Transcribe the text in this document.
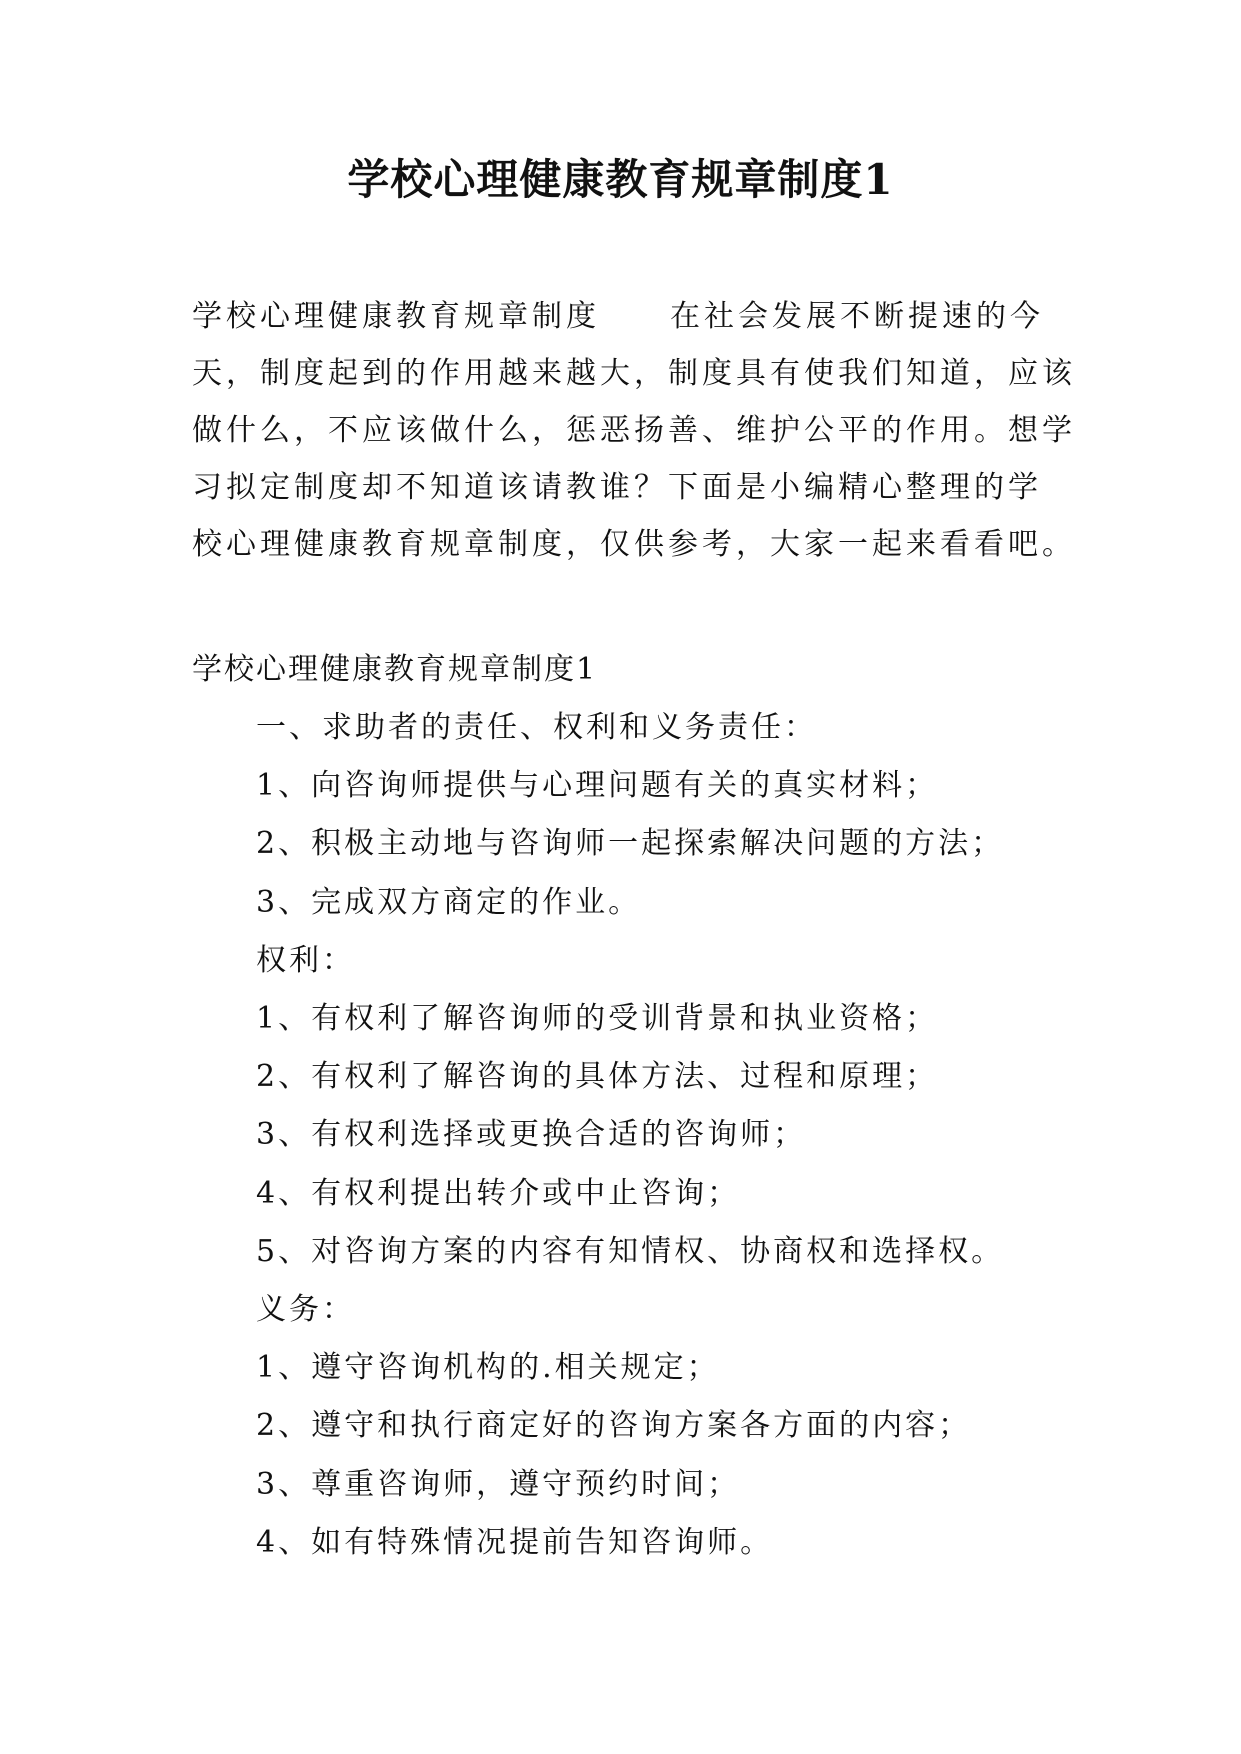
学校心理健康教育规章制度1
学校心理健康教育规章制度 在社会发展不断提速的今
天，制度起到的作用越来越大，制度具有使我们知道，应该
做什么，不应该做什么，惩恶扬善、维护公平的作用。想学
习拟定制度却不知道该请教谁？下面是小编精心整理的学
校心理健康教育规章制度，仅供参考，大家一起来看看吧。

学校心理健康教育规章制度1

一、求助者的责任、权利和义务责任：
1、向咨询师提供与心理问题有关的真实材料；
2、积极主动地与咨询师一起探索解决问题的方法；
3、完成双方商定的作业。
权利：
1、有权利了解咨询师的受训背景和执业资格；
2、有权利了解咨询的具体方法、过程和原理；
3、有权利选择或更换合适的咨询师；
4、有权利提出转介或中止咨询；
5、对咨询方案的内容有知情权、协商权和选择权。
义务：
1、遵守咨询机构的.相关规定；
2、遵守和执行商定好的咨询方案各方面的内容；
3、尊重咨询师，遵守预约时间；
4、如有特殊情况提前告知咨询师。
